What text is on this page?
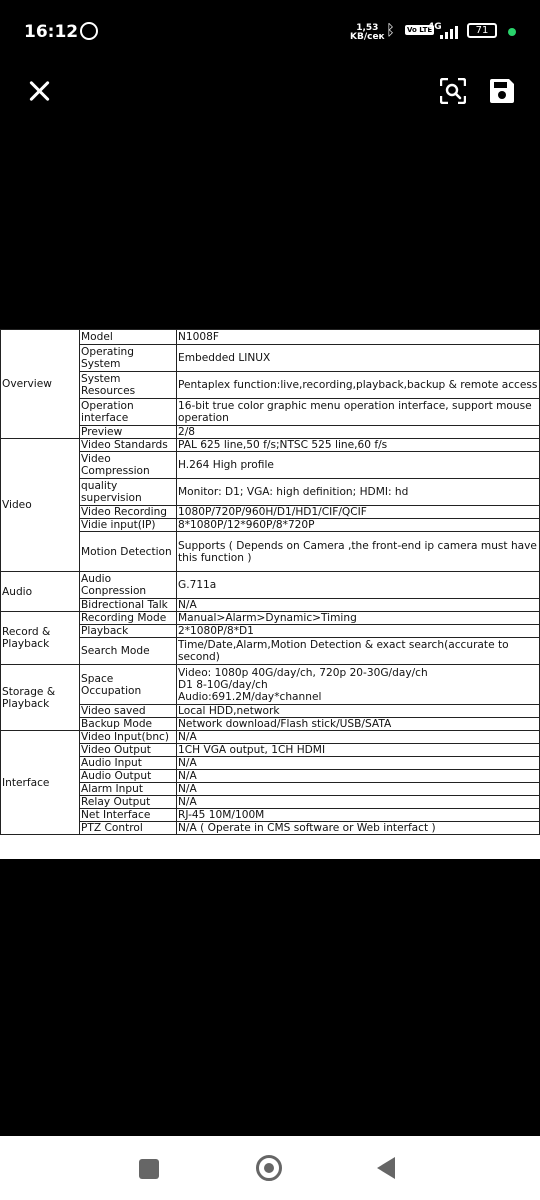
16:12	1,53
KB/сек ᛒ Vo LTE
4G	71
Overview	Model	N1008F
	Operating System	Embedded LINUX
	System Resources	Pentaplex function:live,recording,playback,backup & remote access
	Operation interface	16-bit true color graphic menu operation interface, support mouse operation
	Preview	2/8
Video	Video Standards	PAL 625 line,50 f/s;NTSC 525 line,60 f/s
	Video Compression	H.264 High profile
	quality supervision	Monitor: D1; VGA: high definition; HDMI: hd
	Video Recording	1080P/720P/960H/D1/HD1/CIF/QCIF
	Vidie input(IP)	8*1080P/12*960P/8*720P
	Motion Detection	Supports ( Depends on Camera ,the front-end ip camera must have this function )
Audio	Audio Conpression	G.711a
	Bidrectional Talk	N/A
Record & Playback	Recording Mode	Manual>Alarm>Dynamic>Timing
	Playback	2*1080P/8*D1
	Search Mode	Time/Date,Alarm,Motion Detection & exact search(accurate to second)
Storage & Playback	Space Occupation	Video: 1080p 40G/day/ch, 720p 20-30G/day/ch
D1 8-10G/day/ch
Audio:691.2M/day*channel
	Video saved	Local HDD,network
	Backup Mode	Network download/Flash stick/USB/SATA
Interface	Video Input(bnc)	N/A
	Video Output	1CH VGA output, 1CH HDMI
	Audio Input	N/A
	Audio Output	N/A
	Alarm Input	N/A
	Relay Output	N/A
	Net Interface	RJ-45 10M/100M
	PTZ Control	N/A ( Operate in CMS software or Web interfact )
